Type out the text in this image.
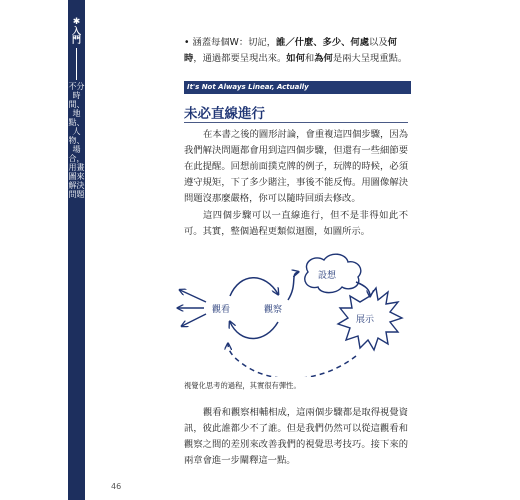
✱
入門
不分時間、地點、人物、場合，用畫圖來解決問題
• 涵蓋每個W：切記，誰／什麼、多少、何處以及何時，通過都要呈現出來。如何和為何是兩大呈現重點。
It's Not Always Linear, Actually
未必直線進行
在本書之後的圖形討論，會重複這四個步驟，因為我們解決問題都會用到這四個步驟，但還有一些細節要在此提醒。回想前面撲克牌的例子，玩牌的時候，必須遵守規矩，下了多少賭注，事後不能反悔。用圖像解決問題沒那麼嚴格，你可以隨時回頭去修改。
這四個步驟可以一直線進行，但不是非得如此不可。其實，整個過程更類似迴圈，如圖所示。
觀看和觀察相輔相成，這兩個步驟都是取得視覺資訊，彼此誰都少不了誰。但是我們仍然可以從這觀看和觀察之間的差別來改善我們的視覺思考技巧。接下來的兩章會進一步闡釋這一點。
觀看	觀察
設想
展示
視覺化思考的過程，其實很有彈性。
46
